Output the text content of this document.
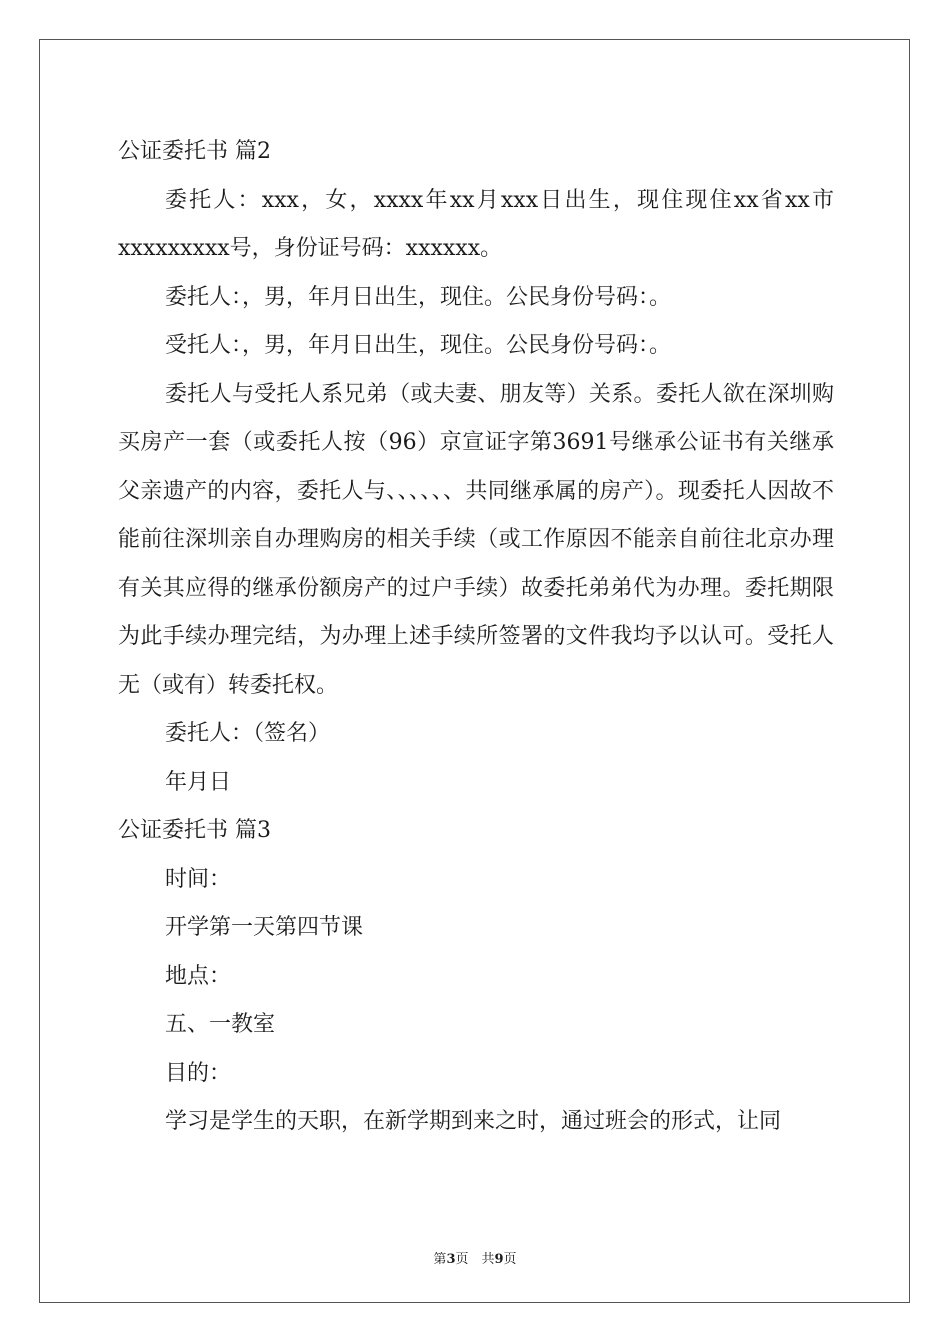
公证委托书 篇2

委托人：xxx，女，xxxx年xx月xxx日出生，现住现住xx省xx市xxxxxxxxx号，身份证号码：xxxxxx。

委托人：，男，年月日出生，现住。公民身份号码：。

受托人：，男，年月日出生，现住。公民身份号码：。

委托人与受托人系兄弟（或夫妻、朋友等）关系。委托人欲在深圳购买房产一套（或委托人按（96）京宣证字第3691号继承公证书有关继承父亲遗产的内容，委托人与、、、、、、共同继承属的房产）。现委托人因故不能前往深圳亲自办理购房的相关手续（或工作原因不能亲自前往北京办理有关其应得的继承份额房产的过户手续）故委托弟弟代为办理。委托期限为此手续办理完结，为办理上述手续所签署的文件我均予以认可。受托人无（或有）转委托权。

委托人：（签名）

年月日

公证委托书 篇3

时间：

开学第一天第四节课

地点：

五、一教室

目的：

学习是学生的天职，在新学期到来之时，通过班会的形式，让同

第3页　共9页
